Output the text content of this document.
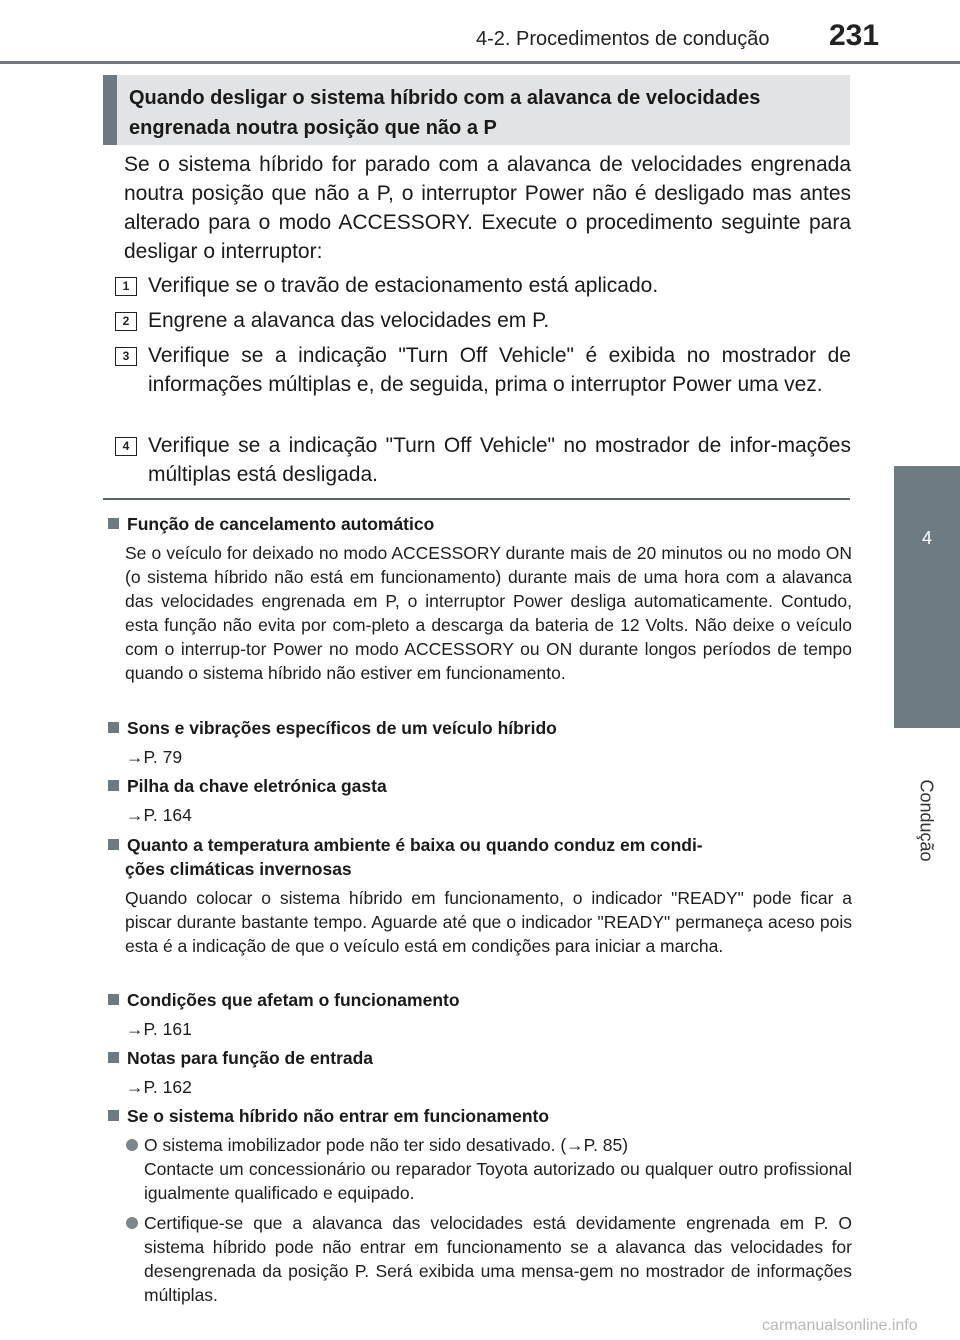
4-2. Procedimentos de condução 231
4
Condução
Quando desligar o sistema híbrido com a alavanca de velocidades engrenada noutra posição que não a P

Se o sistema híbrido for parado com a alavanca de velocidades engrenada noutra posição que não a P, o interruptor Power não é desligado mas antes alterado para o modo ACCESSORY. Execute o procedimento seguinte para desligar o interruptor:

1 Verifique se o travão de estacionamento está aplicado.
2 Engrene a alavanca das velocidades em P.
3 Verifique se a indicação "Turn Off Vehicle" é exibida no mostrador de informações múltiplas e, de seguida, prima o interruptor Power uma vez.
4 Verifique se a indicação "Turn Off Vehicle" no mostrador de infor-mações múltiplas está desligada.
Função de cancelamento automático

Se o veículo for deixado no modo ACCESSORY durante mais de 20 minutos ou no modo ON (o sistema híbrido não está em funcionamento) durante mais de uma hora com a alavanca das velocidades engrenada em P, o interruptor Power desliga automaticamente. Contudo, esta função não evita por com-pleto a descarga da bateria de 12 Volts. Não deixe o veículo com o interrup-tor Power no modo ACCESSORY ou ON durante longos períodos de tempo quando o sistema híbrido não estiver em funcionamento.

Sons e vibrações específicos de um veículo híbrido
→P. 79
Pilha da chave eletrónica gasta
→P. 164
Quanto a temperatura ambiente é baixa ou quando conduz em condi-
ções climáticas invernosas

Quando colocar o sistema híbrido em funcionamento, o indicador "READY" pode ficar a piscar durante bastante tempo. Aguarde até que o indicador "READY" permaneça aceso pois esta é a indicação de que o veículo está em condições para iniciar a marcha.

Condições que afetam o funcionamento
→P. 161
Notas para função de entrada
→P. 162
Se o sistema híbrido não entrar em funcionamento
O sistema imobilizador pode não ter sido desativado. (→P. 85)
Contacte um concessionário ou reparador Toyota autorizado ou qualquer outro profissional igualmente qualificado e equipado.
Certifique-se que a alavanca das velocidades está devidamente engrenada em P. O sistema híbrido pode não entrar em funcionamento se a alavanca das velocidades for desengrenada da posição P. Será exibida uma mensa-gem no mostrador de informações múltiplas.
carmanualsonline.info
